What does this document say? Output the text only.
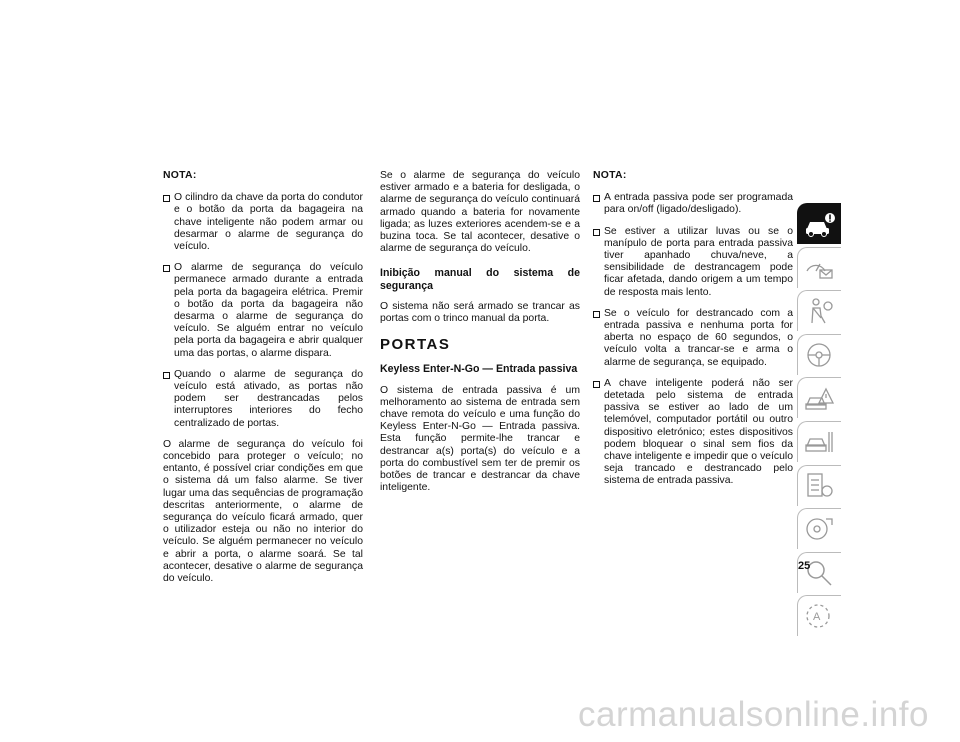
NOTA:
O cilindro da chave da porta do condutor e o botão da porta da bagageira na chave inteligente não podem armar ou desarmar o alarme de segurança do veículo.
O alarme de segurança do veículo permanece armado durante a entrada pela porta da bagageira elétrica. Premir o botão da porta da bagageira não desarma o alarme de segurança do veículo. Se alguém entrar no veículo pela porta da bagageira e abrir qualquer uma das portas, o alarme dispara.
Quando o alarme de segurança do veículo está ativado, as portas não podem ser destrancadas pelos interruptores interiores do fecho centralizado de portas.

O alarme de segurança do veículo foi concebido para proteger o veículo; no entanto, é possível criar condições em que o sistema dá um falso alarme. Se tiver lugar uma das sequências de programação descritas anteriormente, o alarme de segurança do veículo ficará armado, quer o utilizador esteja ou não no interior do veículo. Se alguém permanecer no veículo e abrir a porta, o alarme soará. Se tal acontecer, desative o alarme de segurança do veículo.

Se o alarme de segurança do veículo estiver armado e a bateria for desligada, o alarme de segurança do veículo continuará armado quando a bateria for novamente ligada; as luzes exteriores acendem-se e a buzina toca. Se tal acontecer, desative o alarme de segurança do veículo.

Inibição manual do sistema de segurança

O sistema não será armado se trancar as portas com o trinco manual da porta.

PORTAS
Keyless Enter-N-Go — Entrada passiva

O sistema de entrada passiva é um melhoramento ao sistema de entrada sem chave remota do veículo e uma função do Keyless Enter-N-Go — Entrada passiva. Esta função permite-lhe trancar e destrancar a(s) porta(s) do veículo e a porta do combustível sem ter de premir os botões de trancar e destrancar da chave inteligente.

NOTA:
A entrada passiva pode ser programada para on/off (ligado/desligado).
Se estiver a utilizar luvas ou se o manípulo de porta para entrada passiva tiver apanhado chuva/neve, a sensibilidade de destrancagem pode ficar afetada, dando origem a um tempo de resposta mais lento.
Se o veículo for destrancado com a entrada passiva e nenhuma porta for aberta no espaço de 60 segundos, o veículo volta a trancar-se e arma o alarme de segurança, se equipado.
A chave inteligente poderá não ser detetada pelo sistema de entrada passiva se estiver ao lado de um telemóvel, computador portátil ou outro dispositivo eletrónico; estes dispositivos podem bloquear o sinal sem fios da chave inteligente e impedir que o veículo seja trancado e destrancado pelo sistema de entrada passiva.
A
25
carmanualsonline.info
